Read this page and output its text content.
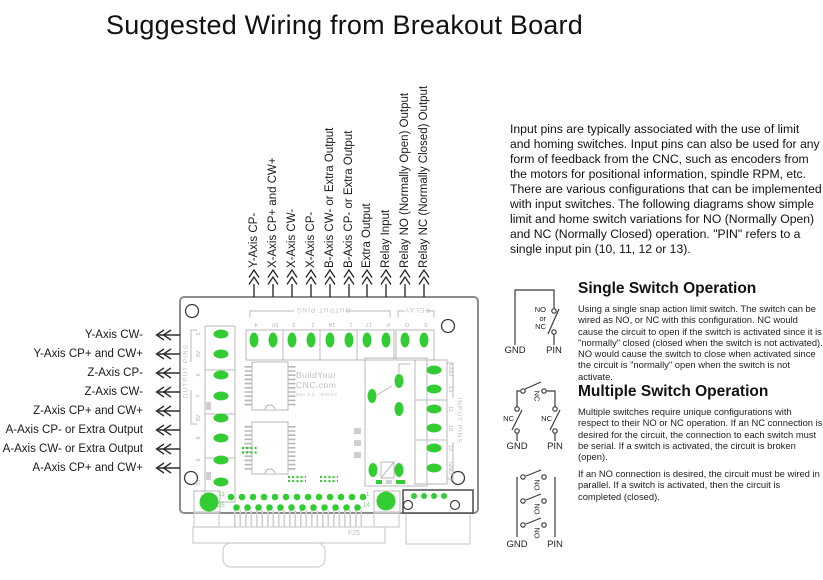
Suggested Wiring from Breakout Board
Y-Axis CP- X-Axis CP+ and CW+ X-Axis CW- X-Axis CP- B-Axis CW- or Extra Output B-Axis CP- or Extra Output Extra Output Relay Input Relay NO (Normally Open) Output Relay NC (Normally Closed) Output
Y-Axis CW-
Y-Axis CP+ and CW+
Z-Axis CP-
Z-Axis CW-
Z-Axis CP+ and CW+
A-Axis CP- or Extra Output
A-Axis CW- or Extra Output
A-Axis CP+ and CW+
Input pins are typically associated with the use of limit and homing switches. Input pins can also be used for any form of feedback from the CNC, such as encoders from the motors for positional information, spindle RPM, etc. There are various configurations that can be implemented with input switches. The following diagrams show simple limit and home switch variations for NO (Normally Open) and NC (Normally Closed) operation. "PIN" refers to a single input pin (10, 11, 12 or 13).
Single Switch Operation
Using a single snap action limit switch. The switch can be wired as NO, or NC with this configuration. NC would cause the circuit to open if the switch is activated since it is "normally" closed (closed when the switch is not activated). NO would cause the switch to close when activated since the circuit is "normally" open when the switch is not activate.
Multiple Switch Operation
Multiple switches require unique configurations with respect to their NO or NC operation. If an NC connection is desired for the circuit, the connection to each switch must be serial. If a switch is activated, the circuit is broken (open).
If an NO connection is desired, the circuit must be wired in parallel. If a switch is activated, then the circuit is completed (closed).
NO
or
NC
GND	PIN
NC
NC	NC
GND	PIN
NO
NO
NO
GND	PIN
BuildYour
CNC.com
Rev 3.2 - 9/2013
OUTPUT PINS	RELAY
OUTPUT PINS
INPUT PINS
4	5V	3	2	14	1	17	P	O	S
5
5V
6
7
5V
8
9
5V
GND
13
11
10
12
GND
13
25
1
14
F25
